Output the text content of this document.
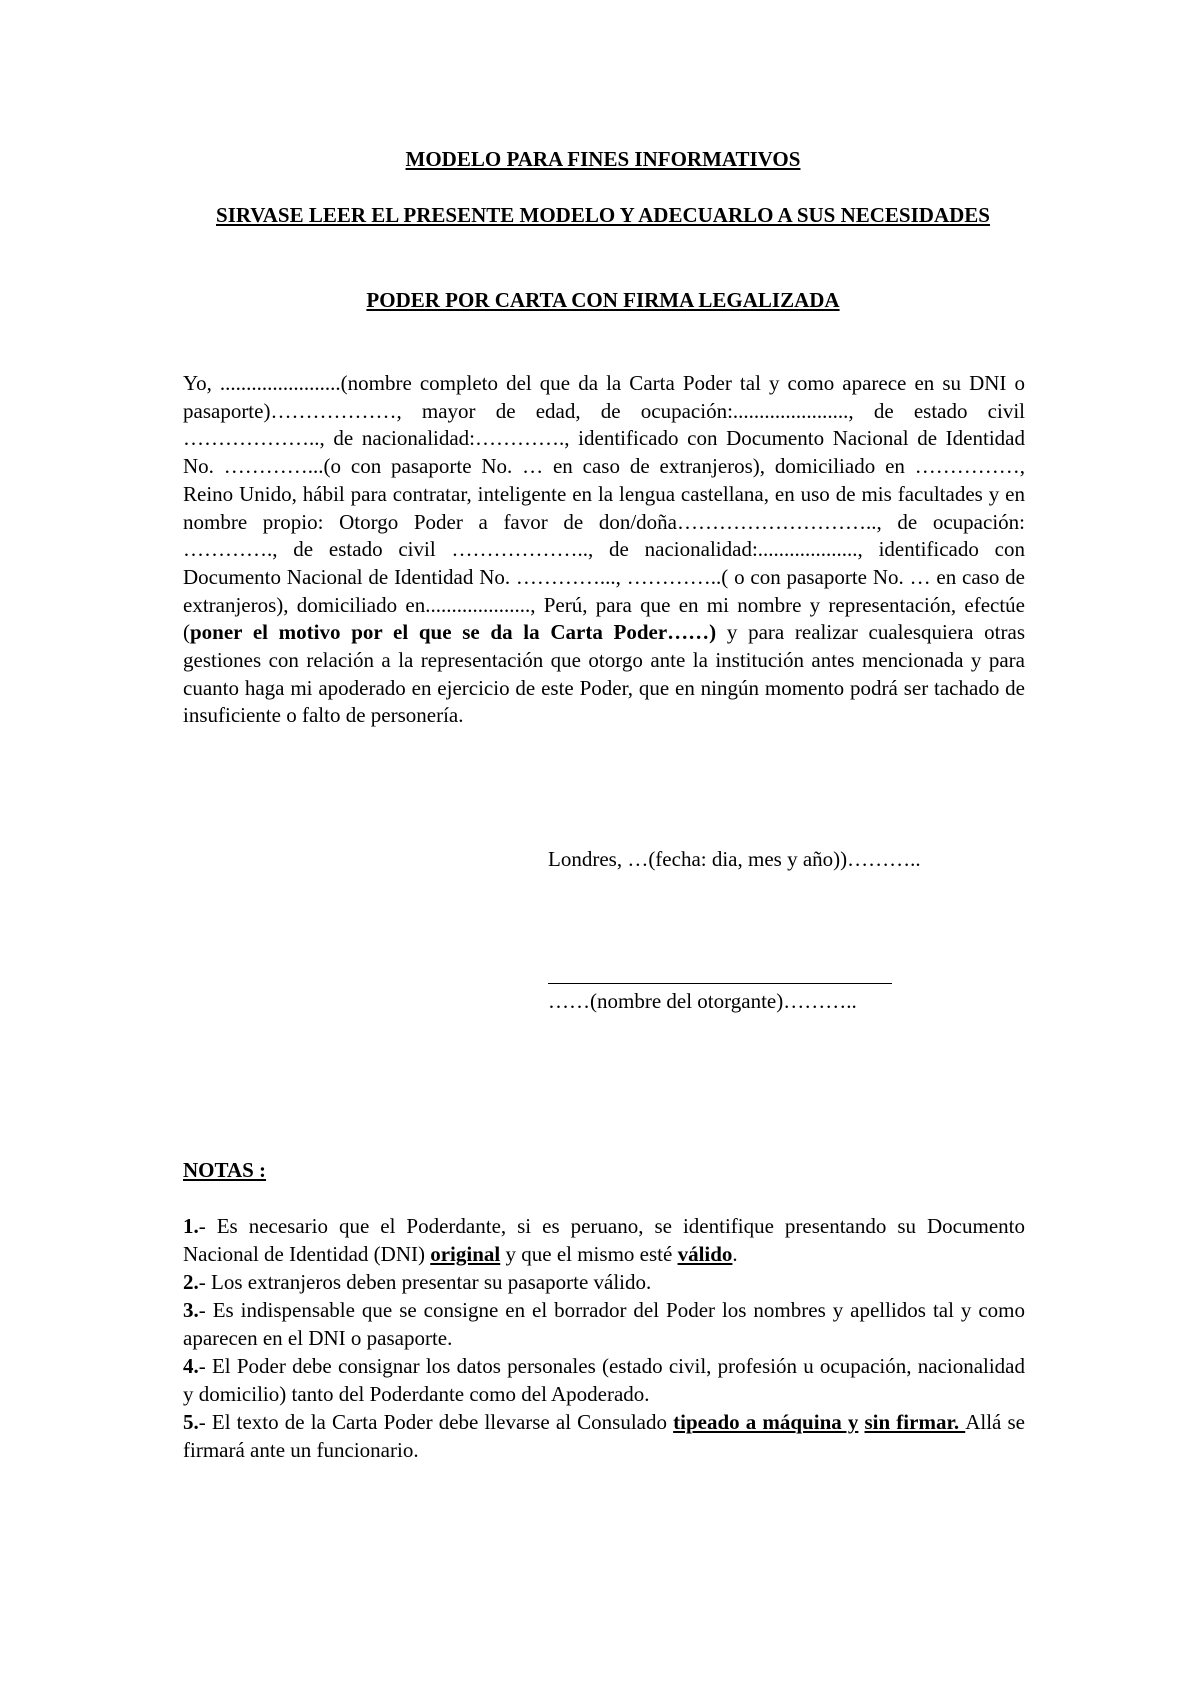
MODELO PARA FINES INFORMATIVOS

SIRVASE LEER EL PRESENTE MODELO Y ADECUARLO A SUS NECESIDADES

PODER POR CARTA CON FIRMA LEGALIZADA

Yo, .......................(nombre completo del que da la Carta Poder tal y como aparece en su DNI o pasaporte)………………, mayor de edad, de ocupación:......................, de estado civil ……………….., de nacionalidad:…………., identificado con Documento Nacional de Identidad No. …………...(o con pasaporte No. … en caso de extranjeros), domiciliado en ……………, Reino Unido, hábil para contratar, inteligente en la lengua castellana, en uso de mis facultades y en nombre propio: Otorgo Poder a favor de don/doña……………………….., de ocupación: …………., de estado civil ……………….., de nacionalidad:..................., identificado con Documento Nacional de Identidad No. …………..., …………..( o con pasaporte No. … en caso de extranjeros), domiciliado en...................., Perú, para que en mi nombre y representación, efectúe (poner el motivo por el que se da la Carta Poder……) y para realizar cualesquiera otras gestiones con relación a la representación que otorgo ante la institución antes mencionada y para cuanto haga mi apoderado en ejercicio de este Poder, que en ningún momento podrá ser tachado de insuficiente o falto de personería.

Londres, …(fecha: dia, mes y año))………..

……(nombre del otorgante)………..

NOTAS :

1.- Es necesario que el Poderdante, si es peruano, se identifique presentando su Documento Nacional de Identidad (DNI) original y que el mismo esté válido.
2.- Los extranjeros deben presentar su pasaporte válido.
3.- Es indispensable que se consigne en el borrador del Poder los nombres y apellidos tal y como aparecen en el DNI o pasaporte.
4.- El Poder debe consignar los datos personales (estado civil, profesión u ocupación, nacionalidad y domicilio) tanto del Poderdante como del Apoderado.
5.- El texto de la Carta Poder debe llevarse al Consulado tipeado a máquina y sin firmar. Allá se firmará ante un funcionario.
